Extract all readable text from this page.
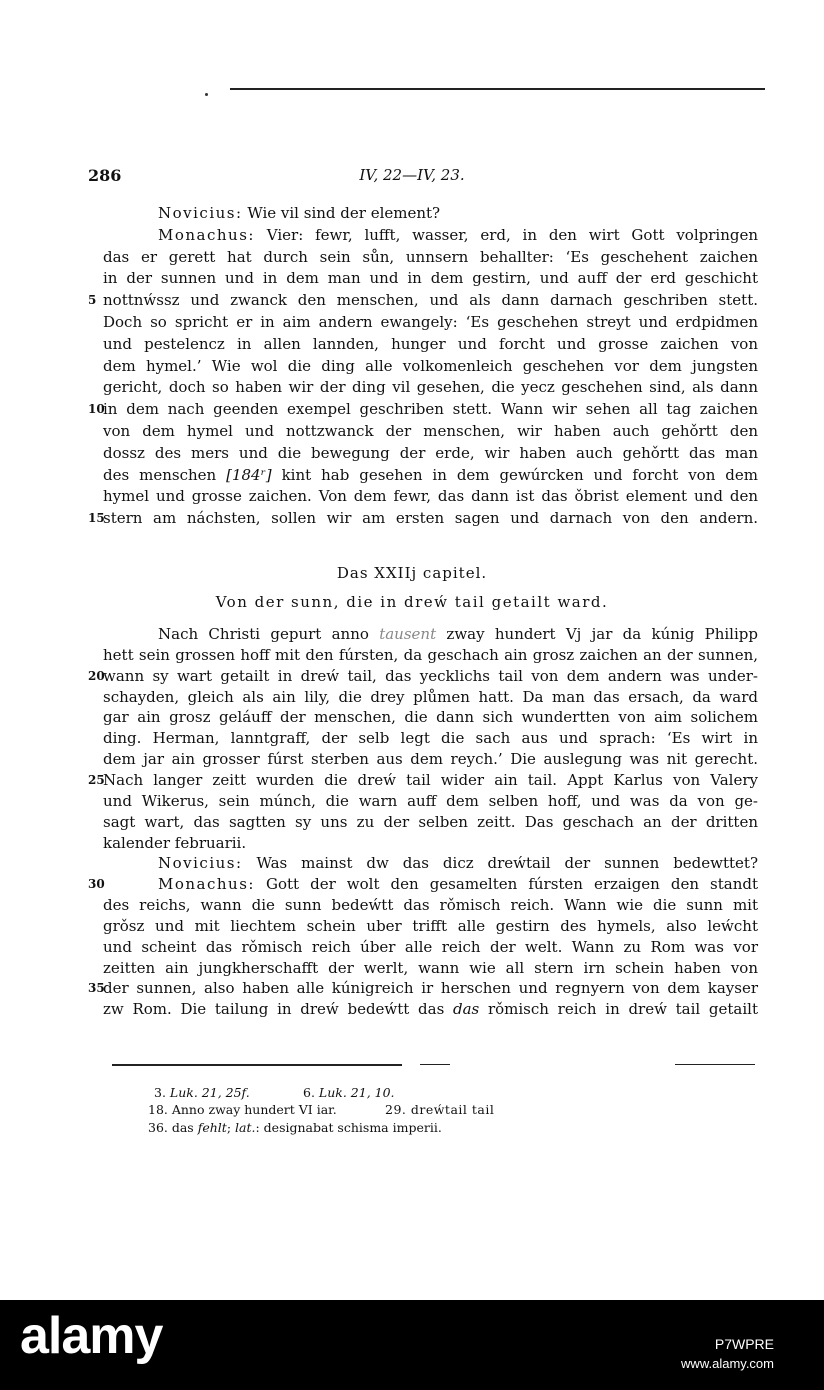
286	IV, 22—IV, 23.
Novicius: Wie vil sind der element?
Monachus: Vier: fewr, lufft, wasser, erd, in den wirt Gott volpringen
das er gerett hat durch sein sůn, unnsern behallter: ‘Es geschehent zaichen
in der sunnen und in dem man und in dem gestirn, und auff der erd geschicht
nottnẃssz und zwanck den menschen, und als dann darnach geschriben stett.
5
Doch so spricht er in aim andern ewangely: ‘Es geschehen streyt und erdpidmen
und pestelencz in allen lannden, hunger und forcht und grosse zaichen von
dem hymel.’ Wie wol die ding alle volkomenleich geschehen vor dem jungsten
gericht, doch so haben wir der ding vil gesehen, die yecz geschehen sind, als dann
in dem nach geenden exempel geschriben stett. Wann wir sehen all tag zaichen
10
von dem hymel und nottzwanck der menschen, wir haben auch gehǒrtt den
dossz des mers und die bewegung der erde, wir haben auch gehǒrtt das man
des menschen [184ʳ] kint hab gesehen in dem gewúrcken und forcht von dem
hymel und grosse zaichen. Von dem fewr, das dann ist das ǒbrist element und den
stern am náchsten, sollen wir am ersten sagen und darnach von den andern.
15
Das XXIIj capitel.
Von der sunn, die in dreẃ tail getailt ward.
Nach Christi gepurt anno tausent zway hundert Vj jar da kúnig Philipp
hett sein grossen hoff mit den fúrsten, da geschach ain grosz zaichen an der sunnen,
wann sy wart getailt in dreẃ tail, das yecklichs tail von dem andern was under-
20
schayden, gleich als ain lily, die drey plůmen hatt. Da man das ersach, da ward
gar ain grosz geláuff der menschen, die dann sich wundertten von aim solichem
ding. Herman, lanntgraff, der selb legt die sach aus und sprach: ‘Es wirt in
dem jar ain grosser fúrst sterben aus dem reych.’ Die auslegung was nit gerecht.
Nach langer zeitt wurden die dreẃ tail wider ain tail. Appt Karlus von Valery
25
und Wikerus, sein múnch, die warn auff dem selben hoff, und was da von ge-
sagt wart, das sagtten sy uns zu der selben zeitt. Das geschach an der dritten
kalender februarii.
Novicius: Was mainst dw das dicz dreẃtail der sunnen bedewttet?
Monachus: Gott der wolt den gesamelten fúrsten erzaigen den standt
30
des reichs, wann die sunn bedeẃtt das rǒmisch reich. Wann wie die sunn mit
grǒsz und mit liechtem schein uber trifft alle gestirn des hymels, also leẃcht
und scheint das rǒmisch reich úber alle reich der welt. Wann zu Rom was vor
zeitten ain jungkherschafft der werlt, wann wie all stern irn schein haben von
der sunnen, also haben alle kúnigreich ir herschen und regnyern von dem kayser
35
zw Rom. Die tailung in dreẃ bedeẃtt das das rǒmisch reich in dreẃ tail getailt
3. Luk. 21, 25f.	6. Luk. 21, 10.
18. Anno zway hundert VI iar.	29. dreẃtail tail
36. das fehlt; lat.: designabat schisma imperii.
alamy	P7WPRE
www.alamy.com
